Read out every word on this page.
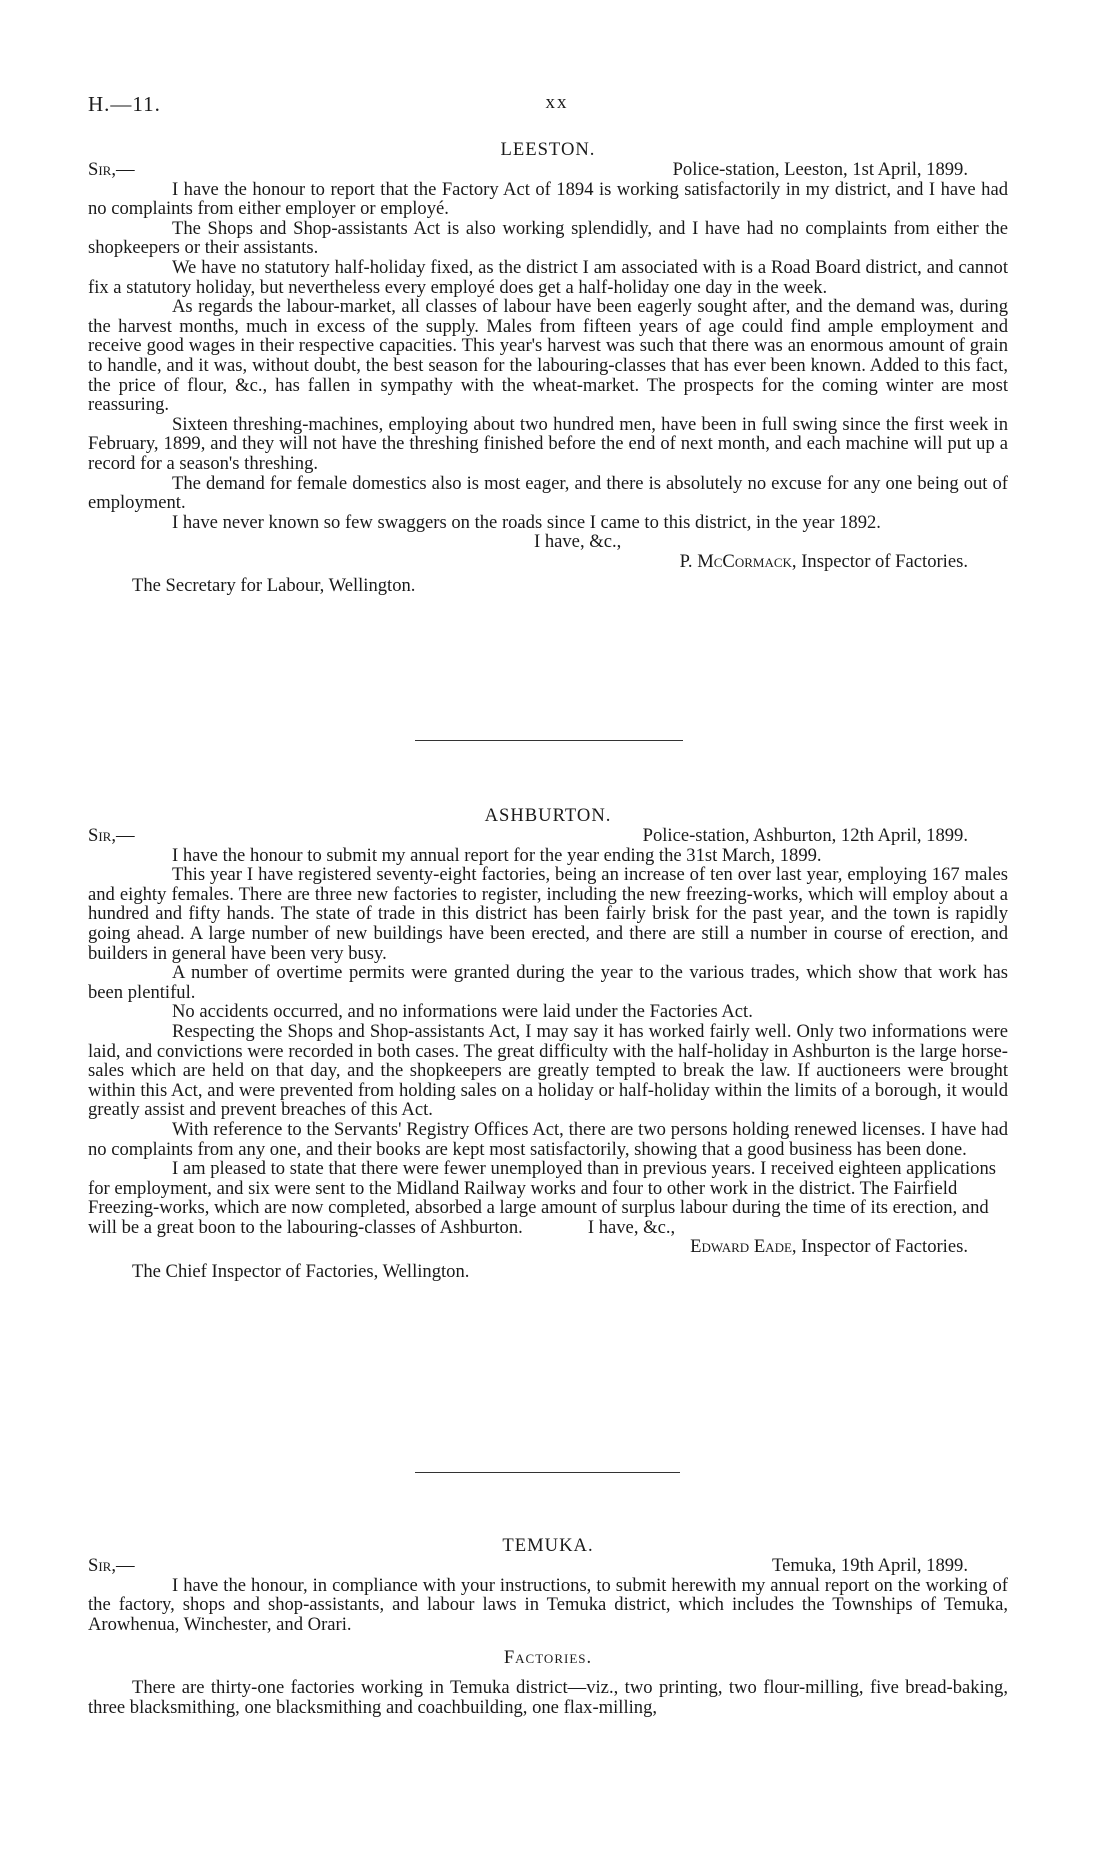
H.—11.	xx
LEESTON.
Sir,—	Police-station, Leeston, 1st April, 1899.

I have the honour to report that the Factory Act of 1894 is working satisfactorily in my district, and I have had no complaints from either employer or employé.

The Shops and Shop-assistants Act is also working splendidly, and I have had no complaints from either the shopkeepers or their assistants.

We have no statutory half-holiday fixed, as the district I am associated with is a Road Board district, and cannot fix a statutory holiday, but nevertheless every employé does get a half-holiday one day in the week.

As regards the labour-market, all classes of labour have been eagerly sought after, and the demand was, during the harvest months, much in excess of the supply. Males from fifteen years of age could find ample employment and receive good wages in their respective capacities. This year's harvest was such that there was an enormous amount of grain to handle, and it was, without doubt, the best season for the labouring-classes that has ever been known. Added to this fact, the price of flour, &c., has fallen in sympathy with the wheat-market. The prospects for the coming winter are most reassuring.

Sixteen threshing-machines, employing about two hundred men, have been in full swing since the first week in February, 1899, and they will not have the threshing finished before the end of next month, and each machine will put up a record for a season's threshing.

The demand for female domestics also is most eager, and there is absolutely no excuse for any one being out of employment.

I have never known so few swaggers on the roads since I came to this district, in the year 1892.

I have, &c.,
P. McCormack, Inspector of Factories.
The Secretary for Labour, Wellington.
ASHBURTON.
Sir,—	Police-station, Ashburton, 12th April, 1899.

I have the honour to submit my annual report for the year ending the 31st March, 1899.

This year I have registered seventy-eight factories, being an increase of ten over last year, employing 167 males and eighty females. There are three new factories to register, including the new freezing-works, which will employ about a hundred and fifty hands. The state of trade in this district has been fairly brisk for the past year, and the town is rapidly going ahead. A large number of new buildings have been erected, and there are still a number in course of erection, and builders in general have been very busy.

A number of overtime permits were granted during the year to the various trades, which show that work has been plentiful.

No accidents occurred, and no informations were laid under the Factories Act.

Respecting the Shops and Shop-assistants Act, I may say it has worked fairly well. Only two informations were laid, and convictions were recorded in both cases. The great difficulty with the half-holiday in Ashburton is the large horse-sales which are held on that day, and the shopkeepers are greatly tempted to break the law. If auctioneers were brought within this Act, and were prevented from holding sales on a holiday or half-holiday within the limits of a borough, it would greatly assist and prevent breaches of this Act.

With reference to the Servants' Registry Offices Act, there are two persons holding renewed licenses. I have had no complaints from any one, and their books are kept most satisfactorily, showing that a good business has been done.

I am pleased to state that there were fewer unemployed than in previous years. I received eighteen applications for employment, and six were sent to the Midland Railway works and four to other work in the district. The Fairfield Freezing-works, which are now completed, absorbed a large amount of surplus labour during the time of its erection, and will be a great boon to the labouring-classes of Ashburton.	I have, &c.,

Edward Eade, Inspector of Factories.
The Chief Inspector of Factories, Wellington.
TEMUKA.
Sir,—	Temuka, 19th April, 1899.

I have the honour, in compliance with your instructions, to submit herewith my annual report on the working of the factory, shops and shop-assistants, and labour laws in Temuka district, which includes the Townships of Temuka, Arowhenua, Winchester, and Orari.

Factories.

There are thirty-one factories working in Temuka district—viz., two printing, two flour-milling, five bread-baking, three blacksmithing, one blacksmithing and coachbuilding, one flax-milling,
